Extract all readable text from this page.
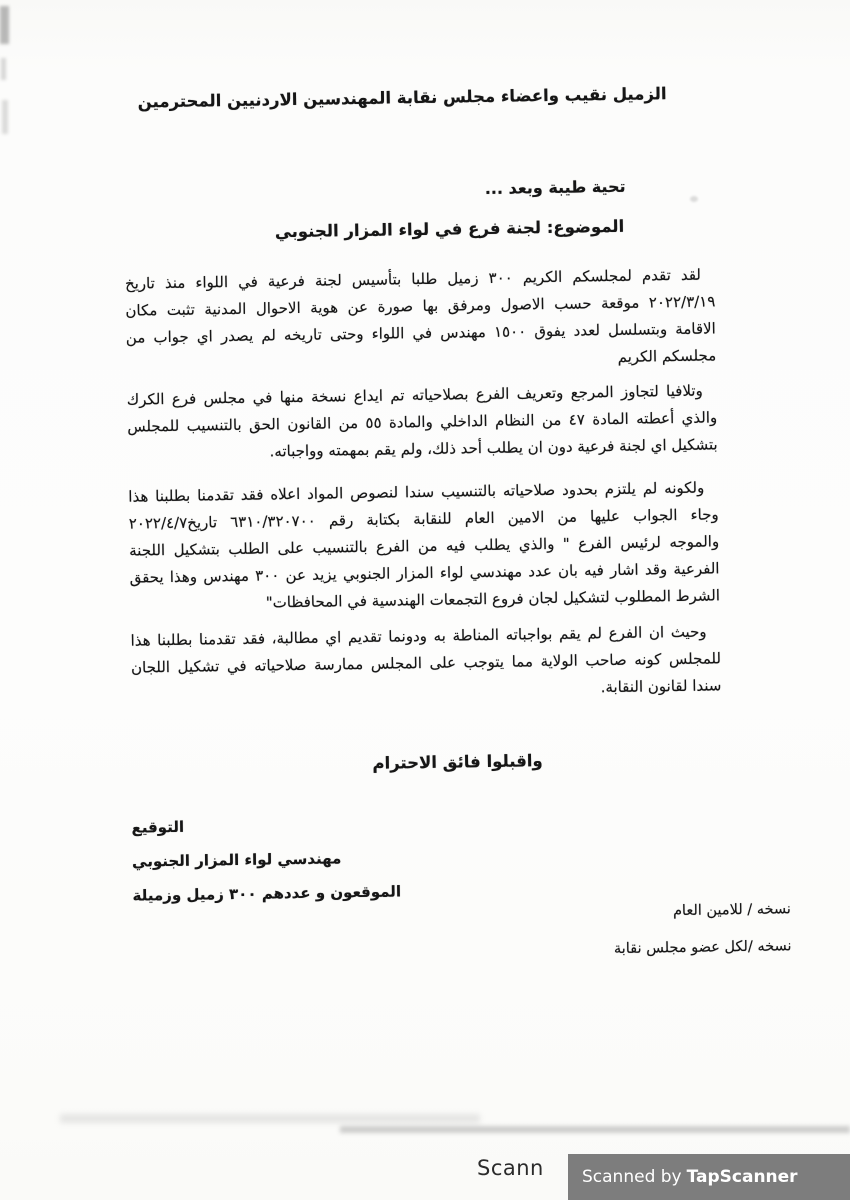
الزميل نقيب واعضاء مجلس نقابة المهندسين الاردنيين المحترمين
تحية طيبة وبعد ...
الموضوع: لجنة فرع في لواء المزار الجنوبي
لقد تقدم لمجلسكم الكريم ٣٠٠ زميل طلبا بتأسيس لجنة فرعية في اللواء منذ تاريخ
٢٠٢٢/٣/١٩ موقعة حسب الاصول ومرفق بها صورة عن هوية الاحوال المدنية تثبت مكان
الاقامة وبتسلسل لعدد يفوق ١٥٠٠ مهندس في اللواء وحتى تاريخه لم يصدر اي جواب من
مجلسكم الكريم
وتلافيا لتجاوز المرجع وتعريف الفرع بصلاحياته تم ايداع نسخة منها في مجلس فرع الكرك
والذي أعطته المادة ٤٧ من النظام الداخلي والمادة ٥٥ من القانون الحق بالتنسيب للمجلس
بتشكيل اي لجنة فرعية دون ان يطلب أحد ذلك، ولم يقم بمهمته وواجباته.
ولكونه لم يلتزم بحدود صلاحياته بالتنسيب سندا لنصوص المواد اعلاه فقد تقدمنا بطلبنا هذا
وجاء الجواب عليها من الامين العام للنقابة بكتابة رقم ٦٣١٠/٣٢٠٧٠٠ تاريخ٢٠٢٢/٤/٧
والموجه لرئيس الفرع " والذي يطلب فيه من الفرع بالتنسيب على الطلب بتشكيل اللجنة
الفرعية وقد اشار فيه بان عدد مهندسي لواء المزار الجنوبي يزيد عن ٣٠٠ مهندس وهذا يحقق
الشرط المطلوب لتشكيل لجان فروع التجمعات الهندسية في المحافظات"
وحيث ان الفرع لم يقم بواجباته المناطة به ودونما تقديم اي مطالبة، فقد تقدمنا بطلبنا هذا
للمجلس كونه صاحب الولاية مما يتوجب على المجلس ممارسة صلاحياته في تشكيل اللجان
سندا لقانون النقابة.
واقبلوا فائق الاحترام
التوقيع
مهندسي لواء المزار الجنوبي
الموقعون و عددهم ٣٠٠ زميل وزميلة
نسخه / للامين العام
نسخه /لكل عضو مجلس نقابة
Scann Scanned by TapScanner
